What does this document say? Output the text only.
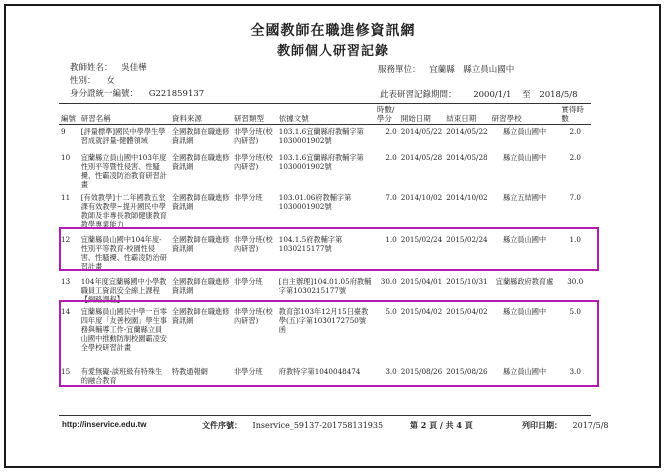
全國教師在職進修資訊網
教師個人研習記錄
教師姓名： 吳佳樺
性別： 女
身分證統一編號： G221859137
服務單位： 宜蘭縣　縣立員山國中
此表研習記錄期間： 2000/1/1 至 2018/5/8
編號	研習名稱	資料來源	研習類型	依據文號	時數/學分	開始日期	結束日期	研習學校	實得時數
9	[評量標準]國民中學學生學習成就評量-健體領域	全國教師在職進修資訊網	非學分班(校內研習)	103.1.6宜蘭縣府教輔字第1030001902號	2.0	2014/05/22	2014/05/22	縣立員山國中	2.0
10	宜蘭縣立員山國中103年度性別平等暨性侵害、性騷擾、性霸凌防治教育研習計畫	全國教師在職進修資訊網	非學分班(校內研習)	103.1.6宜蘭縣府教輔字第1030001902號	2.0	2014/05/28	2014/05/28	縣立員山國中	2.0
11	[有效教學]十二年國教五堂課有效教學~提升國民中學教師及非專長教師健康教育教學專業能力	全國教師在職進修資訊網	非學分班	103.01.06府教輔字第1030001902號	7.0	2014/10/02	2014/10/02	縣立五結國中	7.0
12	宜蘭縣員山國中104年度-性別平等教育-校園性侵害、性騷擾、性霸凌防治研習計畫	全國教師在職進修資訊網	非學分班(校內研習)	104.1.5府教輔字第1030215177號	1.0	2015/02/24	2015/02/24	縣立員山國中	1.0
13	104年度宜蘭縣國中小學教職員工資訊安全線上課程【網路課程】	全國教師在職進修資訊網	非學分班	[自主辦理]104.01.05府教輔字第1030215177號	30.0	2015/04/01	2015/10/31	宜蘭縣政府教育處	30.0
14	宜蘭縣員山國民中學一百零四年度「友善校園」學生事務與輔導工作-宜蘭縣立員山國中推動防制校園霸凌安全學校研習計畫	全國教師在職進修資訊網	非學分班(校內研習)	教育部103年12月15日臺教學(五)字第1030172750號函	5.0	2015/04/02	2015/04/02	縣立員山國中	5.0
15	有愛無礙-談班級有特殊生的融合教育	特教通報網	非學分班	府教特字第1040048474	3.0	2015/08/26	2015/08/26	縣立員山國中	3.0
http://inservice.edu.tw	文件序號： Inservice_59137-201758131935	第 2 頁 / 共 4 頁	列印日期： 2017/5/8
